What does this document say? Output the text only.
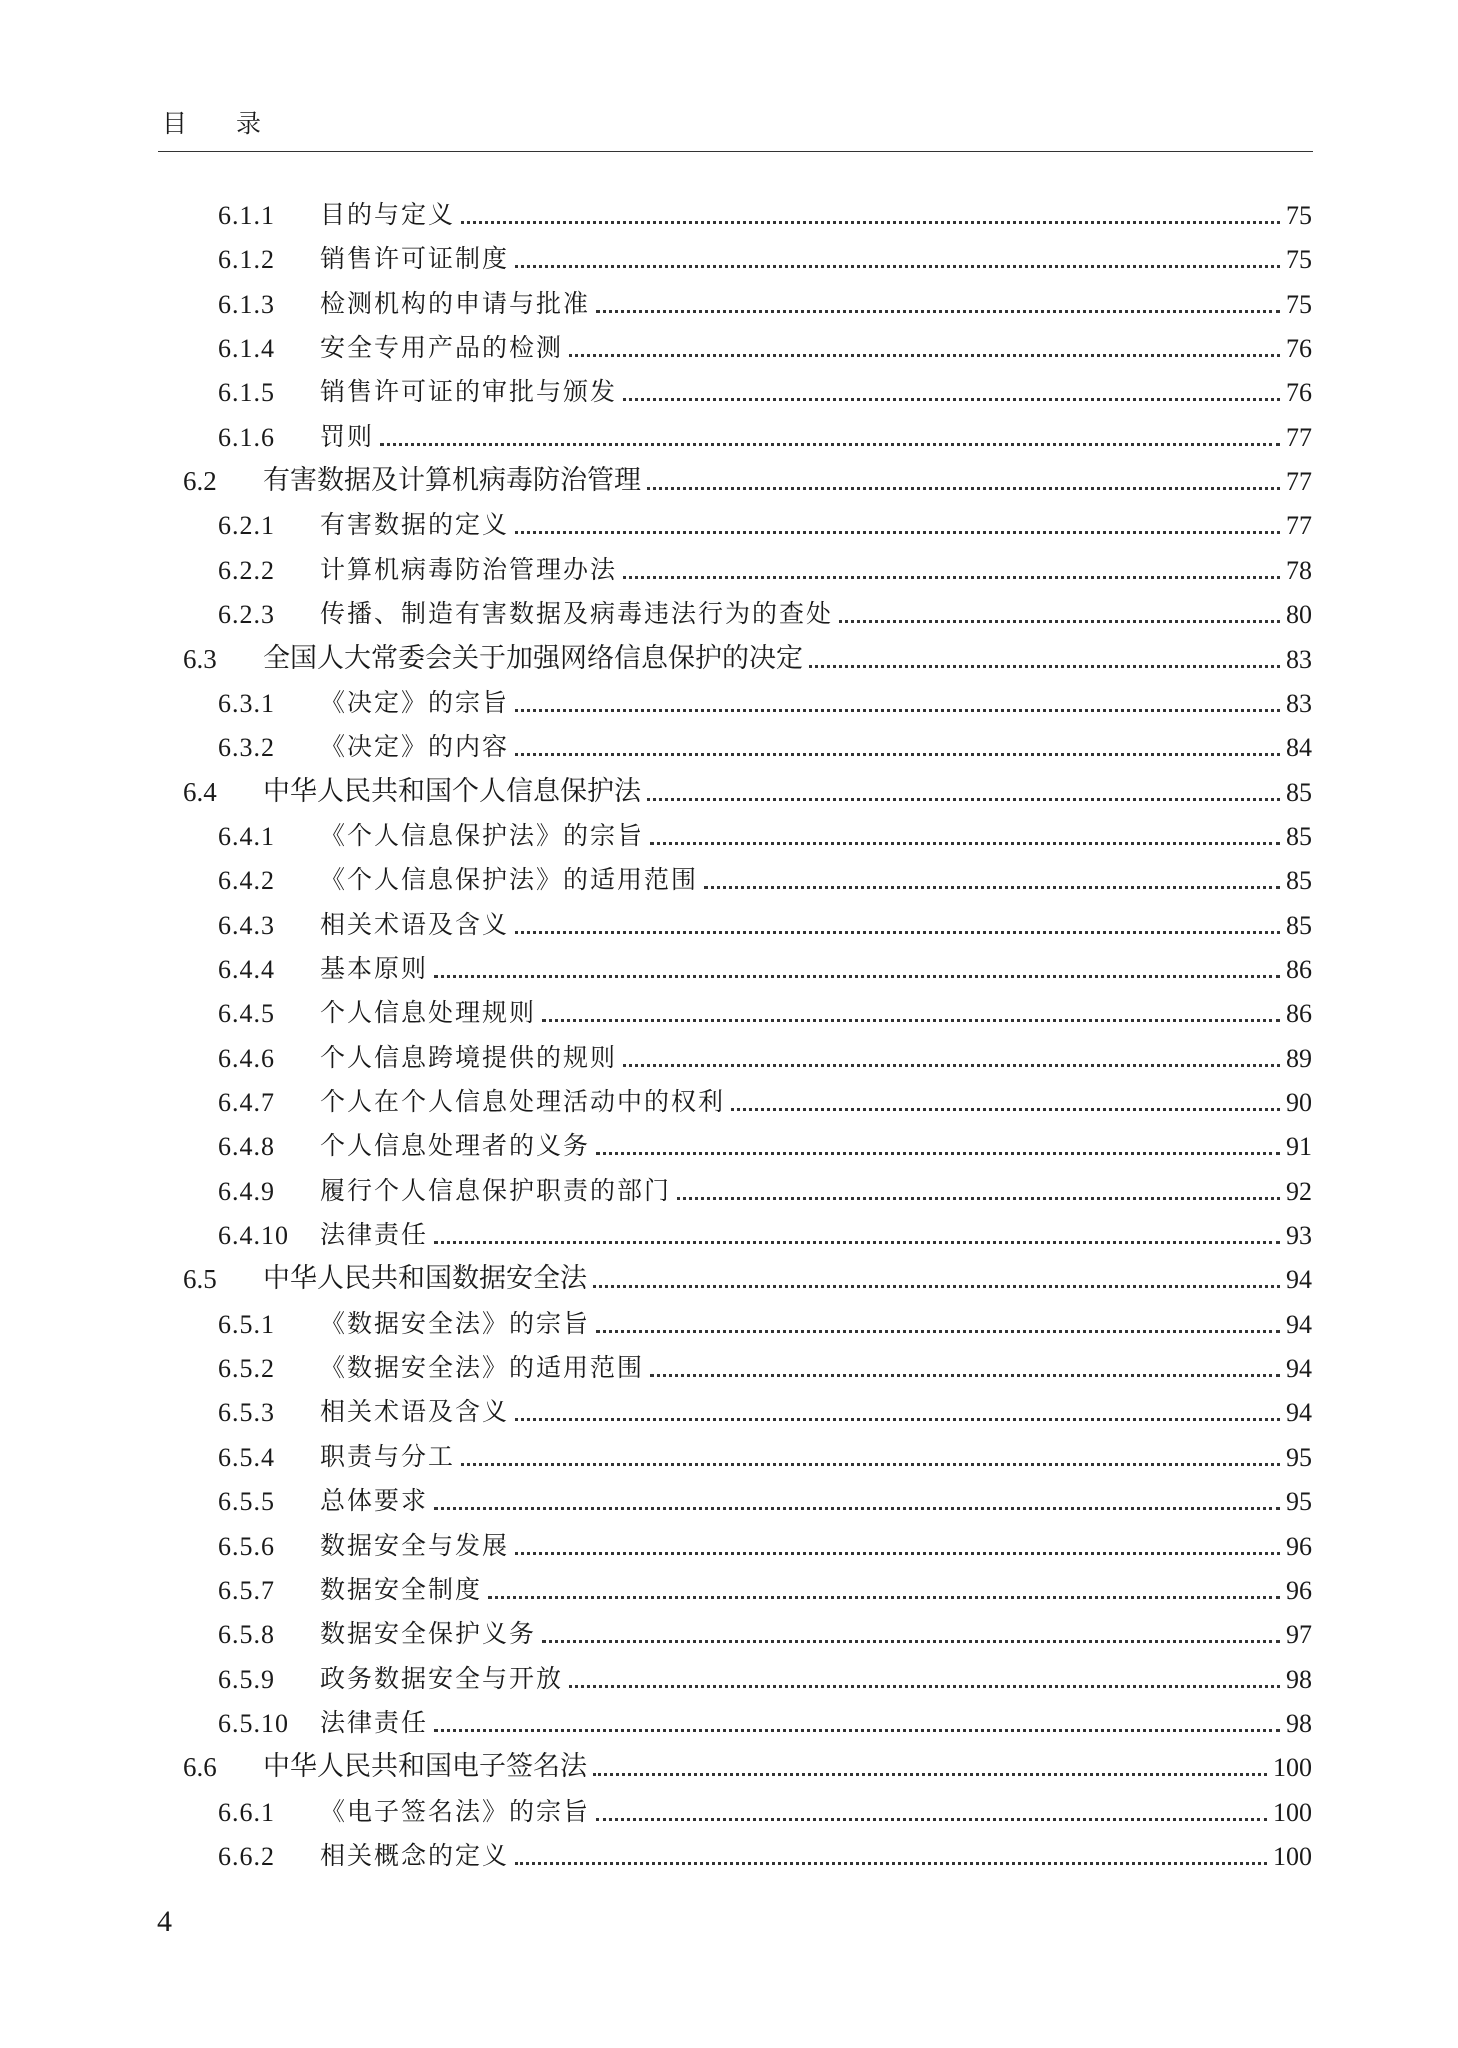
目 录
6.1.1	目的与定义	75
6.1.2	销售许可证制度	75
6.1.3	检测机构的申请与批准	75
6.1.4	安全专用产品的检测	76
6.1.5	销售许可证的审批与颁发	76
6.1.6	罚则	77
6.2	有害数据及计算机病毒防治管理	77
6.2.1	有害数据的定义	77
6.2.2	计算机病毒防治管理办法	78
6.2.3	传播、制造有害数据及病毒违法行为的查处	80
6.3	全国人大常委会关于加强网络信息保护的决定	83
6.3.1	《决定》的宗旨	83
6.3.2	《决定》的内容	84
6.4	中华人民共和国个人信息保护法	85
6.4.1	《个人信息保护法》的宗旨	85
6.4.2	《个人信息保护法》的适用范围	85
6.4.3	相关术语及含义	85
6.4.4	基本原则	86
6.4.5	个人信息处理规则	86
6.4.6	个人信息跨境提供的规则	89
6.4.7	个人在个人信息处理活动中的权利	90
6.4.8	个人信息处理者的义务	91
6.4.9	履行个人信息保护职责的部门	92
6.4.10	法律责任	93
6.5	中华人民共和国数据安全法	94
6.5.1	《数据安全法》的宗旨	94
6.5.2	《数据安全法》的适用范围	94
6.5.3	相关术语及含义	94
6.5.4	职责与分工	95
6.5.5	总体要求	95
6.5.6	数据安全与发展	96
6.5.7	数据安全制度	96
6.5.8	数据安全保护义务	97
6.5.9	政务数据安全与开放	98
6.5.10	法律责任	98
6.6	中华人民共和国电子签名法	100
6.6.1	《电子签名法》的宗旨	100
6.6.2	相关概念的定义	100
4
